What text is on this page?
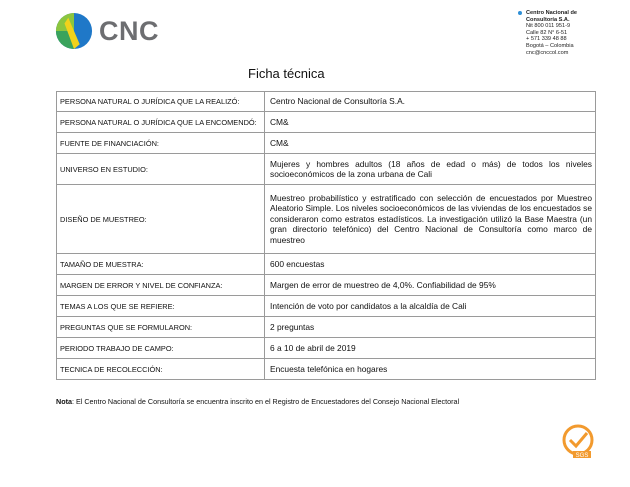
CNC
Centro Nacional de
Consultoría S.A.
Nit 800 011 951-9
Calle 82 N° 6-51
+ 571 339 48 88
Bogotá – Colombia
cnc@cnccol.com
Ficha técnica
PERSONA NATURAL O JURÍDICA QUE LA REALIZÓ:	Centro Nacional de Consultoría S.A.
PERSONA NATURAL O JURÍDICA QUE LA ENCOMENDÓ:	CM&
FUENTE DE FINANCIACIÓN:	CM&
UNIVERSO EN ESTUDIO:	Mujeres y hombres adultos (18 años de edad o más) de todos los niveles socioeconómicos de la zona urbana de Cali
DISEÑO DE MUESTREO:	Muestreo probabilístico y estratificado con selección de encuestados por Muestreo Aleatorio Simple. Los niveles socioeconómicos de las viviendas de los encuestados se consideraron como estratos estadísticos. La investigación utilizó la Base Maestra (un gran directorio telefónico) del Centro Nacional de Consultoría como marco de muestreo
TAMAÑO DE MUESTRA:	600 encuestas
MARGEN DE ERROR Y NIVEL DE CONFIANZA:	Margen de error de muestreo de 4,0%. Confiabilidad de 95%
TEMAS A LOS QUE SE REFIERE:	Intención de voto por candidatos a la alcaldía de Cali
PREGUNTAS QUE SE FORMULARON:	2 preguntas
PERIODO TRABAJO DE CAMPO:	6 a 10 de abril de 2019
TECNICA DE RECOLECCIÓN:	Encuesta telefónica en hogares
Nota: El Centro Nacional de Consultoría se encuentra inscrito en el Registro de Encuestadores del Consejo Nacional Electoral
SGS
